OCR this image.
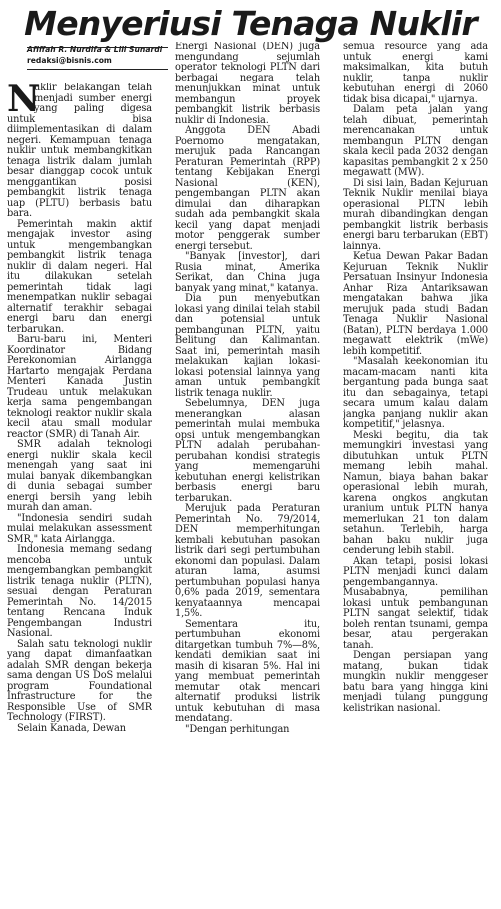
Menyeriusi Tenaga Nuklir
Afiffah R. Nurdifa & Lili Sunardi
redaksi@bisnis.com

N
uklir belakangan telah menjadi sumber energi yang paling digesa untuk bisa diimplementasikan di dalam negeri. Kemampuan tenaga nuklir untuk membangkitkan tenaga listrik dalam jumlah besar dianggap cocok untuk menggantikan posisi pembangkit listrik tenaga uap (PLTU) berbasis batu bara.

Pemerintah makin aktif mengajak investor asing untuk mengembangkan pembangkit listrik tenaga nuklir di dalam negeri. Hal itu dilakukan setelah pemerintah tidak lagi menempatkan nuklir sebagai alternatif terakhir sebagai energi baru dan energi terbarukan.

Baru-baru ini, Menteri Koordinator Bidang Perekonomian Airlangga Hartarto mengajak Perdana Menteri Kanada Justin Trudeau untuk melakukan kerja sama pengembangan teknologi reaktor nuklir skala kecil atau small modular reactor (SMR) di Tanah Air.

SMR adalah teknologi energi nuklir skala kecil menengah yang saat ini mulai banyak dikembangkan di dunia sebagai sumber energi bersih yang lebih murah dan aman.

"Indonesia sendiri sudah mulai melakukan assessment SMR," kata Airlangga.

Indonesia memang sedang mencoba untuk mengembangkan pembangkit listrik tenaga nuklir (PLTN), sesuai dengan Peraturan Pemerintah No. 14/2015 tentang Rencana Induk Pengembangan Industri Nasional.

Salah satu teknologi nuklir yang dapat dimanfaatkan adalah SMR dengan bekerja sama dengan US DoS melalui program Foundational Infrastructure for the Responsible Use of SMR Technology (FIRST).

Selain Kanada, Dewan

Energi Nasional (DEN) juga mengundang sejumlah operator teknologi PLTN dari berbagai negara telah menunjukkan minat untuk membangun proyek pembangkit listrik berbasis nuklir di Indonesia.

Anggota DEN Abadi Poernomo mengatakan, merujuk pada Rancangan Peraturan Pemerintah (RPP) tentang Kebijakan Energi Nasional (KEN), pengembangan PLTN akan dimulai dan diharapkan sudah ada pembangkit skala kecil yang dapat menjadi motor penggerak sumber energi tersebut.

"Banyak [investor], dari Rusia minat, Amerika Serikat, dan China juga banyak yang minat," katanya.

Dia pun menyebutkan lokasi yang dinilai telah stabil dan potensial untuk pembangunan PLTN, yaitu Belitung dan Kalimantan. Saat ini, pemerintah masih melakukan kajian lokasi-lokasi potensial lainnya yang aman untuk pembangkit listrik tenaga nuklir.

Sebelumnya, DEN juga menerangkan alasan pemerintah mulai membuka opsi untuk mengembangkan PLTN adalah perubahan-perubahan kondisi strategis yang memengaruhi kebutuhan energi kelistrikan berbasis energi baru terbarukan.

Merujuk pada Peraturan Pemerintah No. 79/2014, DEN memperhitungan kembali kebutuhan pasokan listrik dari segi pertumbuhan ekonomi dan populasi. Dalam aturan lama, asumsi pertumbuhan populasi hanya 0,6% pada 2019, sementara kenyataannya mencapai 1,5%.

Sementara itu, pertumbuhan ekonomi ditargetkan tumbuh 7%—8%, kendati demikian saat ini masih di kisaran 5%. Hal ini yang membuat pemerintah memutar otak mencari alternatif produksi listrik untuk kebutuhan di masa mendatang.

"Dengan perhitungan

semua resource yang ada untuk energi kami maksimalkan, kita butuh nuklir, tanpa nuklir kebutuhan energi di 2060 tidak bisa dicapai," ujarnya.

Dalam peta jalan yang telah dibuat, pemerintah merencanakan untuk membangun PLTN dengan skala kecil pada 2032 dengan kapasitas pembangkit 2 x 250 megawatt (MW).

Di sisi lain, Badan Kejuruan Teknik Nuklir menilai biaya operasional PLTN lebih murah dibandingkan dengan pembangkit listrik berbasis energi baru terbarukan (EBT) lainnya.

Ketua Dewan Pakar Badan Kejuruan Teknik Nuklir Persatuan Insinyur Indonesia Anhar Riza Antariksawan mengatakan bahwa jika merujuk pada studi Badan Tenaga Nuklir Nasional (Batan), PLTN berdaya 1.000 megawatt elektrik (mWe) lebih kompetitif.

"Masalah keekonomian itu macam-macam nanti kita bergantung pada bunga saat itu dan sebagainya, tetapi secara umum kalau dalam jangka panjang nuklir akan kompetitif," jelasnya.

Meski begitu, dia tak memungkiri investasi yang dibutuhkan untuk PLTN memang lebih mahal. Namun, biaya bahan bakar operasional lebih murah, karena ongkos angkutan uranium untuk PLTN hanya memerlukan 21 ton dalam setahun. Terlebih, harga bahan baku nuklir juga cenderung lebih stabil.

Akan tetapi, posisi lokasi PLTN menjadi kunci dalam pengembangannya. Musababnya, pemilihan lokasi untuk pembangunan PLTN sangat selektif, tidak boleh rentan tsunami, gempa besar, atau pergerakan tanah.

Dengan persiapan yang matang, bukan tidak mungkin nuklir menggeser batu bara yang hingga kini menjadi tulang punggung kelistrikan nasional.
